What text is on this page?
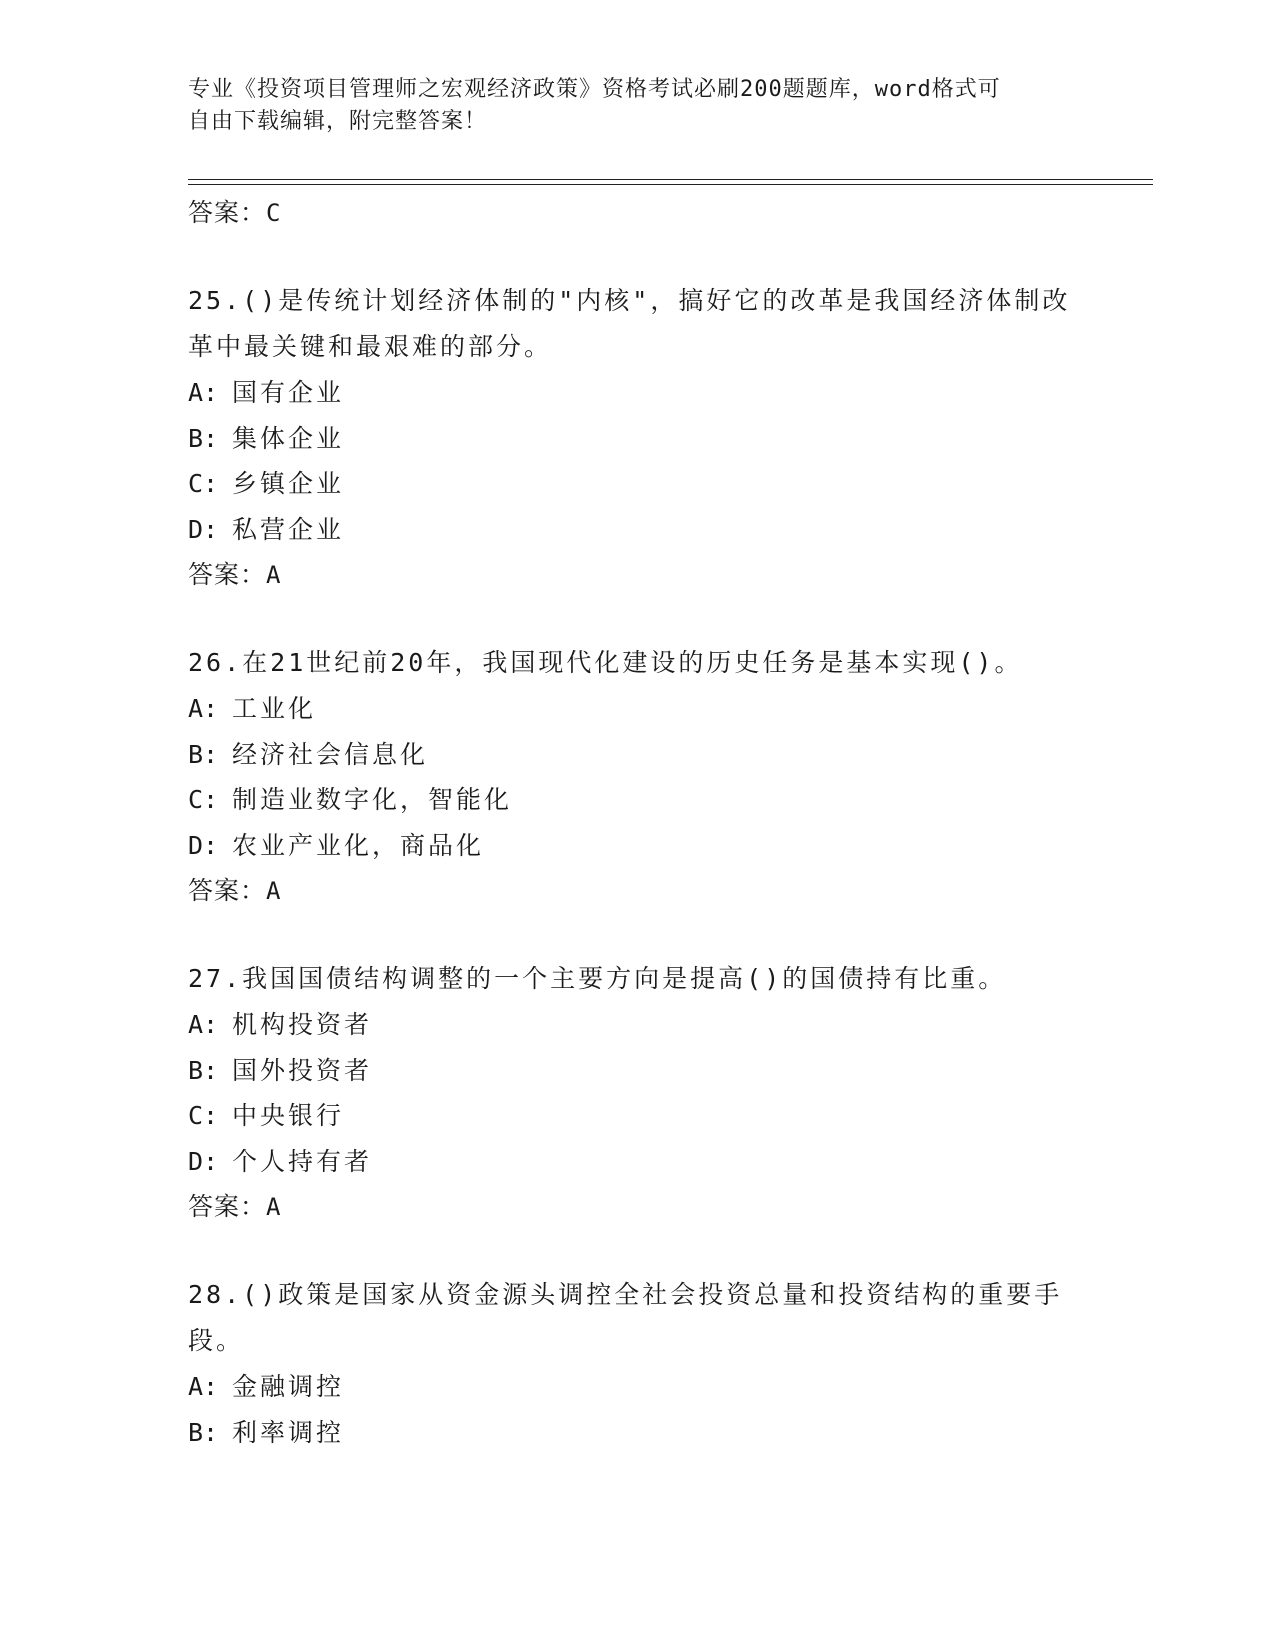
专业《投资项目管理师之宏观经济政策》资格考试必刷200题题库，word格式可
自由下载编辑，附完整答案！
答案：C
25.()是传统计划经济体制的"内核"，搞好它的改革是我国经济体制改
革中最关键和最艰难的部分。
A: 国有企业
B: 集体企业
C: 乡镇企业
D: 私营企业
答案：A
26.在21世纪前20年，我国现代化建设的历史任务是基本实现()。
A: 工业化
B: 经济社会信息化
C: 制造业数字化，智能化
D: 农业产业化，商品化
答案：A
27.我国国债结构调整的一个主要方向是提高()的国债持有比重。
A: 机构投资者
B: 国外投资者
C: 中央银行
D: 个人持有者
答案：A
28.()政策是国家从资金源头调控全社会投资总量和投资结构的重要手
段。
A: 金融调控
B: 利率调控
